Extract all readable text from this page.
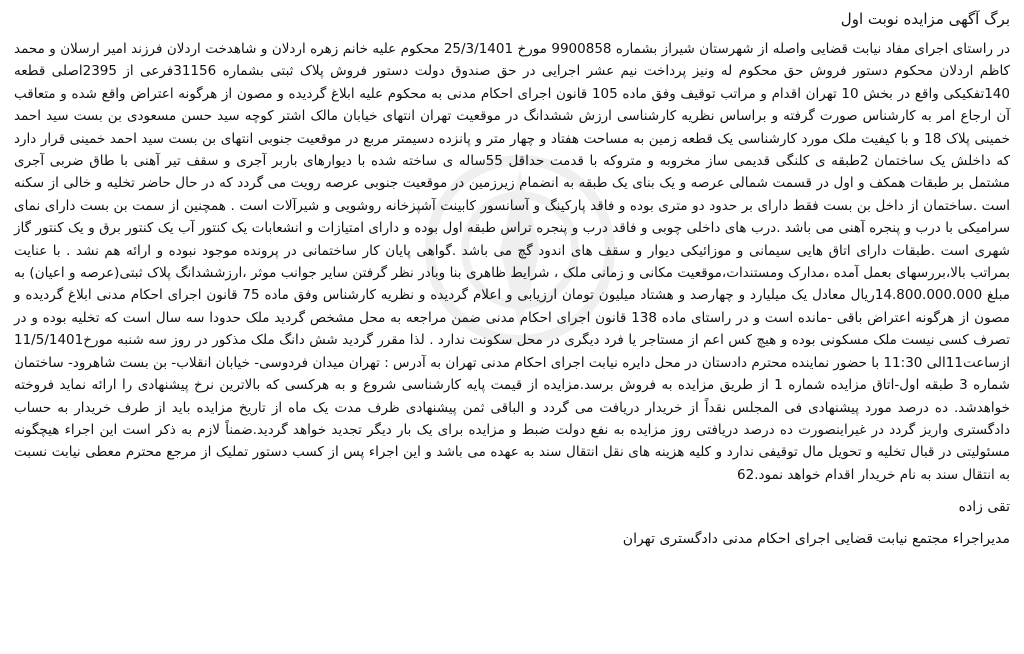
برگ آگهی مزایده نوبت اول

در راستای اجرای مفاد نیابت قضایی واصله از شهرستان شیراز بشماره 9900858 مورخ 25/3/1401 محکوم علیه خانم زهره اردلان و شاهدخت اردلان فرزند امیر ارسلان و محمد کاظم اردلان محکوم دستور فروش حق محکوم له ونیز پرداخت نیم عشر اجرایی در حق صندوق دولت دستور فروش پلاک ثبتی بشماره 31156فرعی از 2395اصلی قطعه 140تفکیکی واقع در بخش 10 تهران اقدام و مراتب توقیف وفق ماده 105 قانون اجرای احکام مدنی به محکوم علیه ابلاغ گردیده و مصون از هرگونه اعتراض واقع شده و متعاقب آن ارجاع امر به کارشناس صورت گرفته و براساس نظریه کارشناسی ارزش ششدانگ در موقعیت تهران انتهای خیابان مالک اشتر کوچه سید حسن مسعودی بن بست سید احمد خمینی پلاک 18 و با کیفیت ملک مورد کارشناسی یک قطعه زمین به مساحت هفتاد و چهار متر و پانزده دسیمتر مربع در موقعیت جنوبی انتهای بن بست سید احمد خمینی قرار دارد که داخلش یک ساختمان 2طبقه ی کلنگی قدیمی ساز مخروبه و متروکه با قدمت حداقل 55ساله ی ساخته شده با دیوارهای باربر آجری و سقف تیر آهنی با طاق ضربی آجری مشتمل بر طبقات همکف و اول در قسمت شمالی عرصه و یک بنای یک طبقه به انضمام زیرزمین در موقعیت جنوبی عرصه رویت می گردد که در حال حاضر تخلیه و خالی از سکنه است .ساختمان از داخل بن بست فقط دارای بر حدود دو متری بوده و فاقد پارکینگ و آسانسور کابینت آشپزخانه روشویی و شیرآلات است . همچنین از سمت بن بست دارای نمای سرامیکی با درب و پنجره آهنی می باشد .درب های داخلی چوبی و فاقد درب و پنجره تراس طبقه اول بوده و دارای امتیازات و انشعابات یک کنتور آب یک کنتور برق و یک کنتور گاز شهری است .طبقات دارای اتاق هایی سیمانی و موزائیکی دیوار و سقف های اندود گچ می باشد .گواهی پایان کار ساختمانی در پرونده موجود نبوده و ارائه هم نشد . با عنایت بمراتب بالا،بررسهای بعمل آمده ،مدارک ومستندات،موقعیت مکانی و زمانی ملک ، شرایط ظاهری بنا وبادر نظر گرفتن سایر جوانب موثر ،ارزششدانگ پلاک ثبتی(عرصه و اعیان) به مبلغ 14.800.000.000ریال معادل یک میلیارد و چهارصد و هشتاد میلیون تومان ارزیابی و اعلام گردیده و نظریه کارشناس وفق ماده 75 قانون اجرای احکام مدنی ابلاغ گردیده و مصون از هرگونه اعتراض باقی -مانده است و در راستای ماده 138 قانون اجرای احکام مدنی ضمن مراجعه به محل مشخص گردید ملک حدودا سه سال است که تخلیه بوده و در تصرف کسی نیست ملک مسکونی بوده و هیچ کس اعم از مستاجر یا فرد دیگری در محل سکونت ندارد . لذا مقرر گردید شش دانگ ملک مذکور در روز سه شنبه مورخ11/5/1401 ازساعت11الی 11:30 با حضور نماینده محترم دادستان در محل دایره نیابت اجرای احکام مدنی تهران به آدرس : تهران میدان فردوسی- خیابان انقلاب- بن بست شاهرود- ساختمان شماره 3 طبقه اول-اتاق مزایده شماره 1 از طریق مزایده به فروش برسد.مزایده از قیمت پایه کارشناسی شروع و به هرکسی که بالاترین نرخ پیشنهادی را ارائه نماید فروخته خواهدشد. ده درصد مورد پیشنهادی فی المجلس نقداً از خریدار دریافت می گردد و الباقی ثمن پیشنهادی ظرف مدت یک ماه از تاریخ مزایده باید از طرف خریدار به حساب دادگستری واریز گردد در غیراینصورت ده درصد دریافتی روز مزایده به نفع دولت ضبط و مزایده برای یک بار دیگر تجدید خواهد گردید.ضمناً لازم به ذکر است این اجراء هیچگونه مسئولیتی در قبال تخلیه و تحویل مال توقیفی ندارد و کلیه هزینه های نقل انتقال سند به عهده می باشد و این اجراء پس از کسب دستور تملیک از مرجع محترم معطی نیابت نسبت به انتقال سند به نام خریدار اقدام خواهد نمود.62

تقی زاده
مدیراجراء مجتمع نیابت قضایی اجرای احکام مدنی دادگستری تهران
